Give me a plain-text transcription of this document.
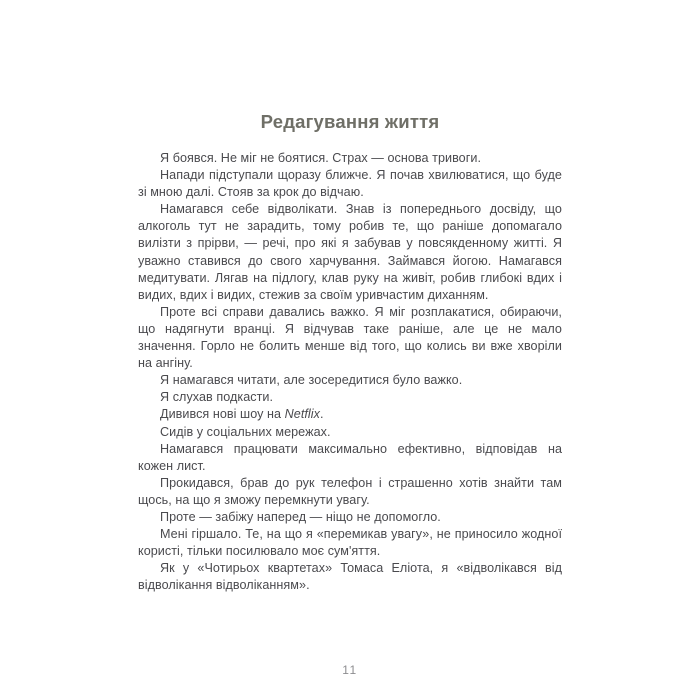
Редагування життя

Я боявся. Не міг не боятися. Страх — основа тривоги.

Напади підступали щоразу ближче. Я почав хвилюватися, що буде зі мною далі. Стояв за крок до відчаю.

Намагався себе відволікати. Знав із попереднього досвіду, що алкоголь тут не зарадить, тому робив те, що раніше допомагало вилізти з прірви, — речі, про які я забував у повсякденному житті. Я уважно ставився до свого харчування. Займався йогою. Намагався медитувати. Лягав на підлогу, клав руку на живіт, робив глибокі вдих і видих, вдих і видих, стежив за своїм уривчастим диханням.

Проте всі справи давались важко. Я міг розплакатися, обираючи, що надягнути вранці. Я відчував таке раніше, але це не мало значення. Горло не болить менше від того, що колись ви вже хворіли на ангіну.

Я намагався читати, але зосередитися було важко.

Я слухав подкасти.

Дивився нові шоу на Netflix.

Сидів у соціальних мережах.

Намагався працювати максимально ефективно, відповідав на кожен лист.

Прокидався, брав до рук телефон і страшенно хотів знайти там щось, на що я зможу перемкнути увагу.

Проте — забіжу наперед — ніщо не допомогло.

Мені гіршало. Те, на що я «перемикав увагу», не приносило жодної користі, тільки посилювало моє сум'яття.

Як у «Чотирьох квартетах» Томаса Еліота, я «відволікався від відволікання відволіканням».

11
